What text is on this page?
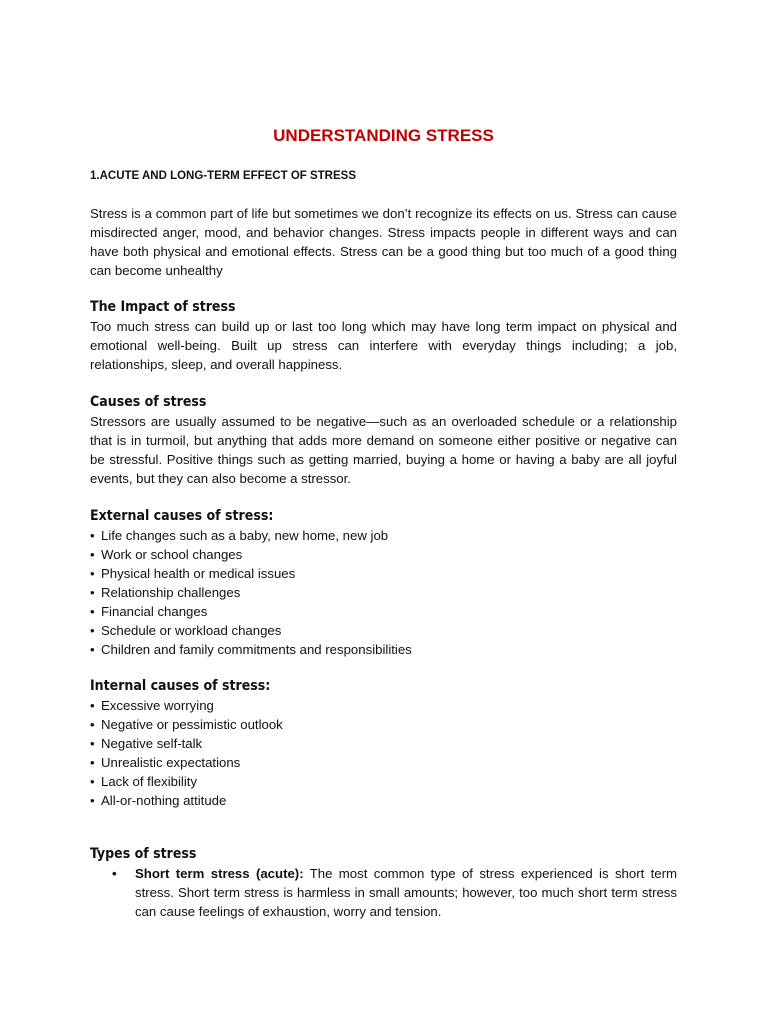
UNDERSTANDING STRESS

1.ACUTE AND LONG-TERM EFFECT OF STRESS

Stress is a common part of life but sometimes we don’t recognize its effects on us. Stress can cause misdirected anger, mood, and behavior changes. Stress impacts people in different ways and can have both physical and emotional effects. Stress can be a good thing but too much of a good thing can become unhealthy

The Impact of stress

Too much stress can build up or last too long which may have long term impact on physical and emotional well-being. Built up stress can interfere with everyday things including; a job, relationships, sleep, and overall happiness.

Causes of stress

Stressors are usually assumed to be negative—such as an overloaded schedule or a relationship that is in turmoil, but anything that adds more demand on someone either positive or negative can be stressful. Positive things such as getting married, buying a home or having a baby are all joyful events, but they can also become a stressor.

External causes of stress:

• Life changes such as a baby, new home, new job
• Work or school changes
• Physical health or medical issues
• Relationship challenges
• Financial changes
• Schedule or workload changes
• Children and family commitments and responsibilities

Internal causes of stress:

• Excessive worrying
• Negative or pessimistic outlook
• Negative self-talk
• Unrealistic expectations
• Lack of flexibility
• All-or-nothing attitude

Types of stress

• Short term stress (acute): The most common type of stress experienced is short term stress. Short term stress is harmless in small amounts; however, too much short term stress can cause feelings of exhaustion, worry and tension.
